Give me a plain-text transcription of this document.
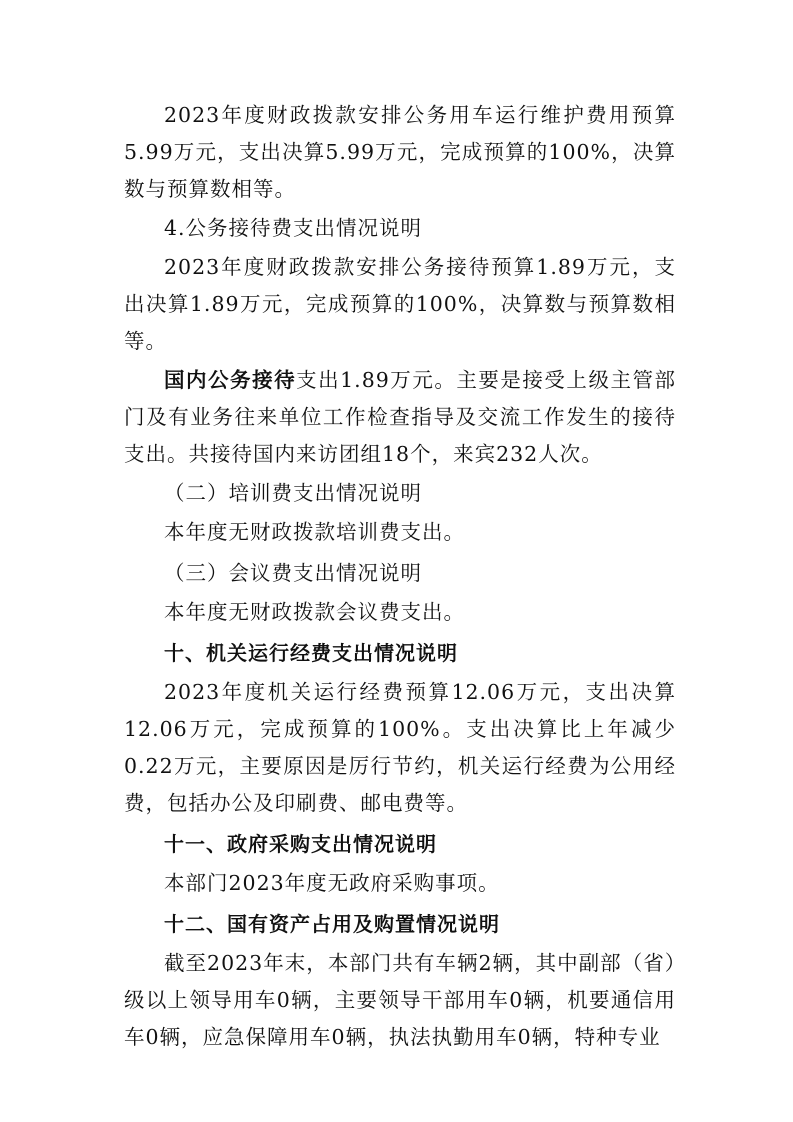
2023年度财政拨款安排公务用车运行维护费用预算5.99万元，支出决算5.99万元，完成预算的100%，决算数与预算数相等。

4.公务接待费支出情况说明

2023年度财政拨款安排公务接待预算1.89万元，支出决算1.89万元，完成预算的100%，决算数与预算数相等。

国内公务接待支出1.89万元。主要是接受上级主管部门及有业务往来单位工作检查指导及交流工作发生的接待支出。共接待国内来访团组18个，来宾232人次。

（二）培训费支出情况说明

本年度无财政拨款培训费支出。

（三）会议费支出情况说明

本年度无财政拨款会议费支出。

十、机关运行经费支出情况说明

2023年度机关运行经费预算12.06万元，支出决算12.06万元，完成预算的100%。支出决算比上年减少0.22万元，主要原因是厉行节约，机关运行经费为公用经费，包括办公及印刷费、邮电费等。

十一、政府采购支出情况说明

本部门2023年度无政府采购事项。

十二、国有资产占用及购置情况说明

截至2023年末，本部门共有车辆2辆，其中副部（省）级以上领导用车0辆，主要领导干部用车0辆，机要通信用车0辆，应急保障用车0辆，执法执勤用车0辆，特种专业
